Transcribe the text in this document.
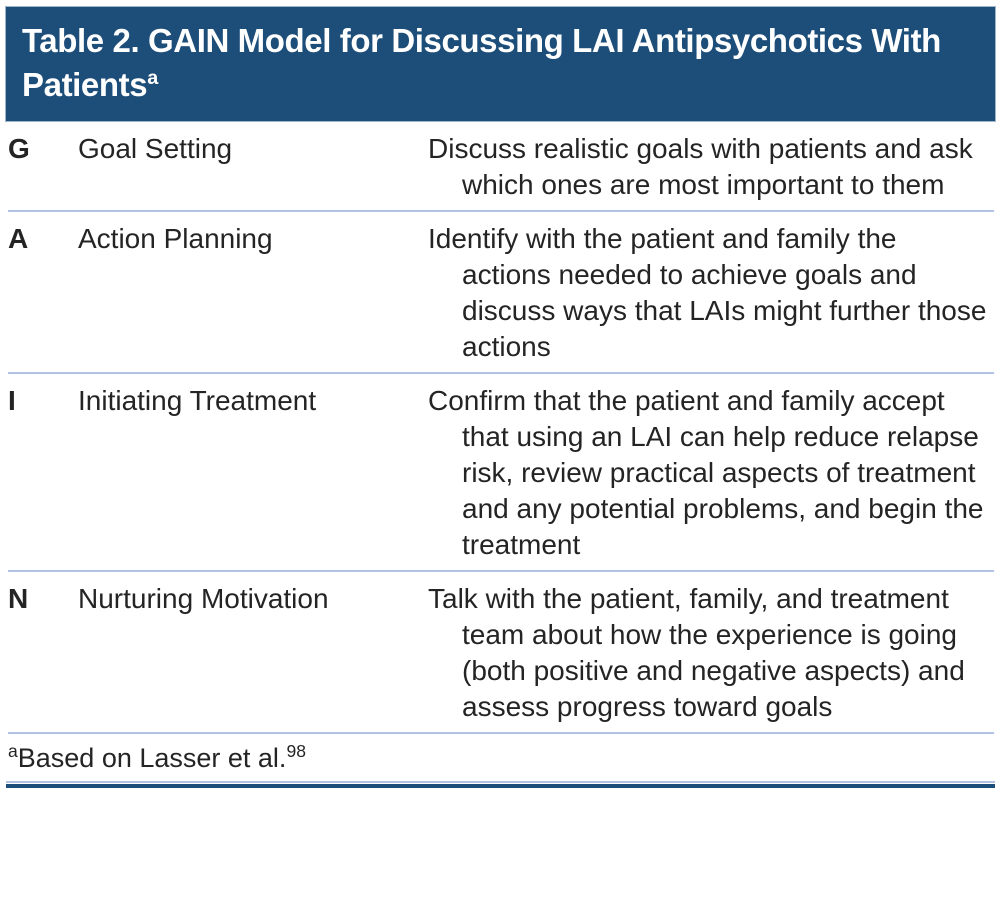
Table 2. GAIN Model for Discussing LAI Antipsychotics With Patients$^a$
G	Goal Setting	Discuss realistic goals with patients and ask which ones are most important to them
A	Action Planning	Identify with the patient and family the actions needed to achieve goals and discuss ways that LAIs might further those actions
I	Initiating Treatment	Confirm that the patient and family accept that using an LAI can help reduce relapse risk, review practical aspects of treatment and any potential problems, and begin the treatment
N	Nurturing Motivation	Talk with the patient, family, and treatment team about how the experience is going (both positive and negative aspects) and assess progress toward goals
$^a$Based on Lasser et al.$^{98}$
